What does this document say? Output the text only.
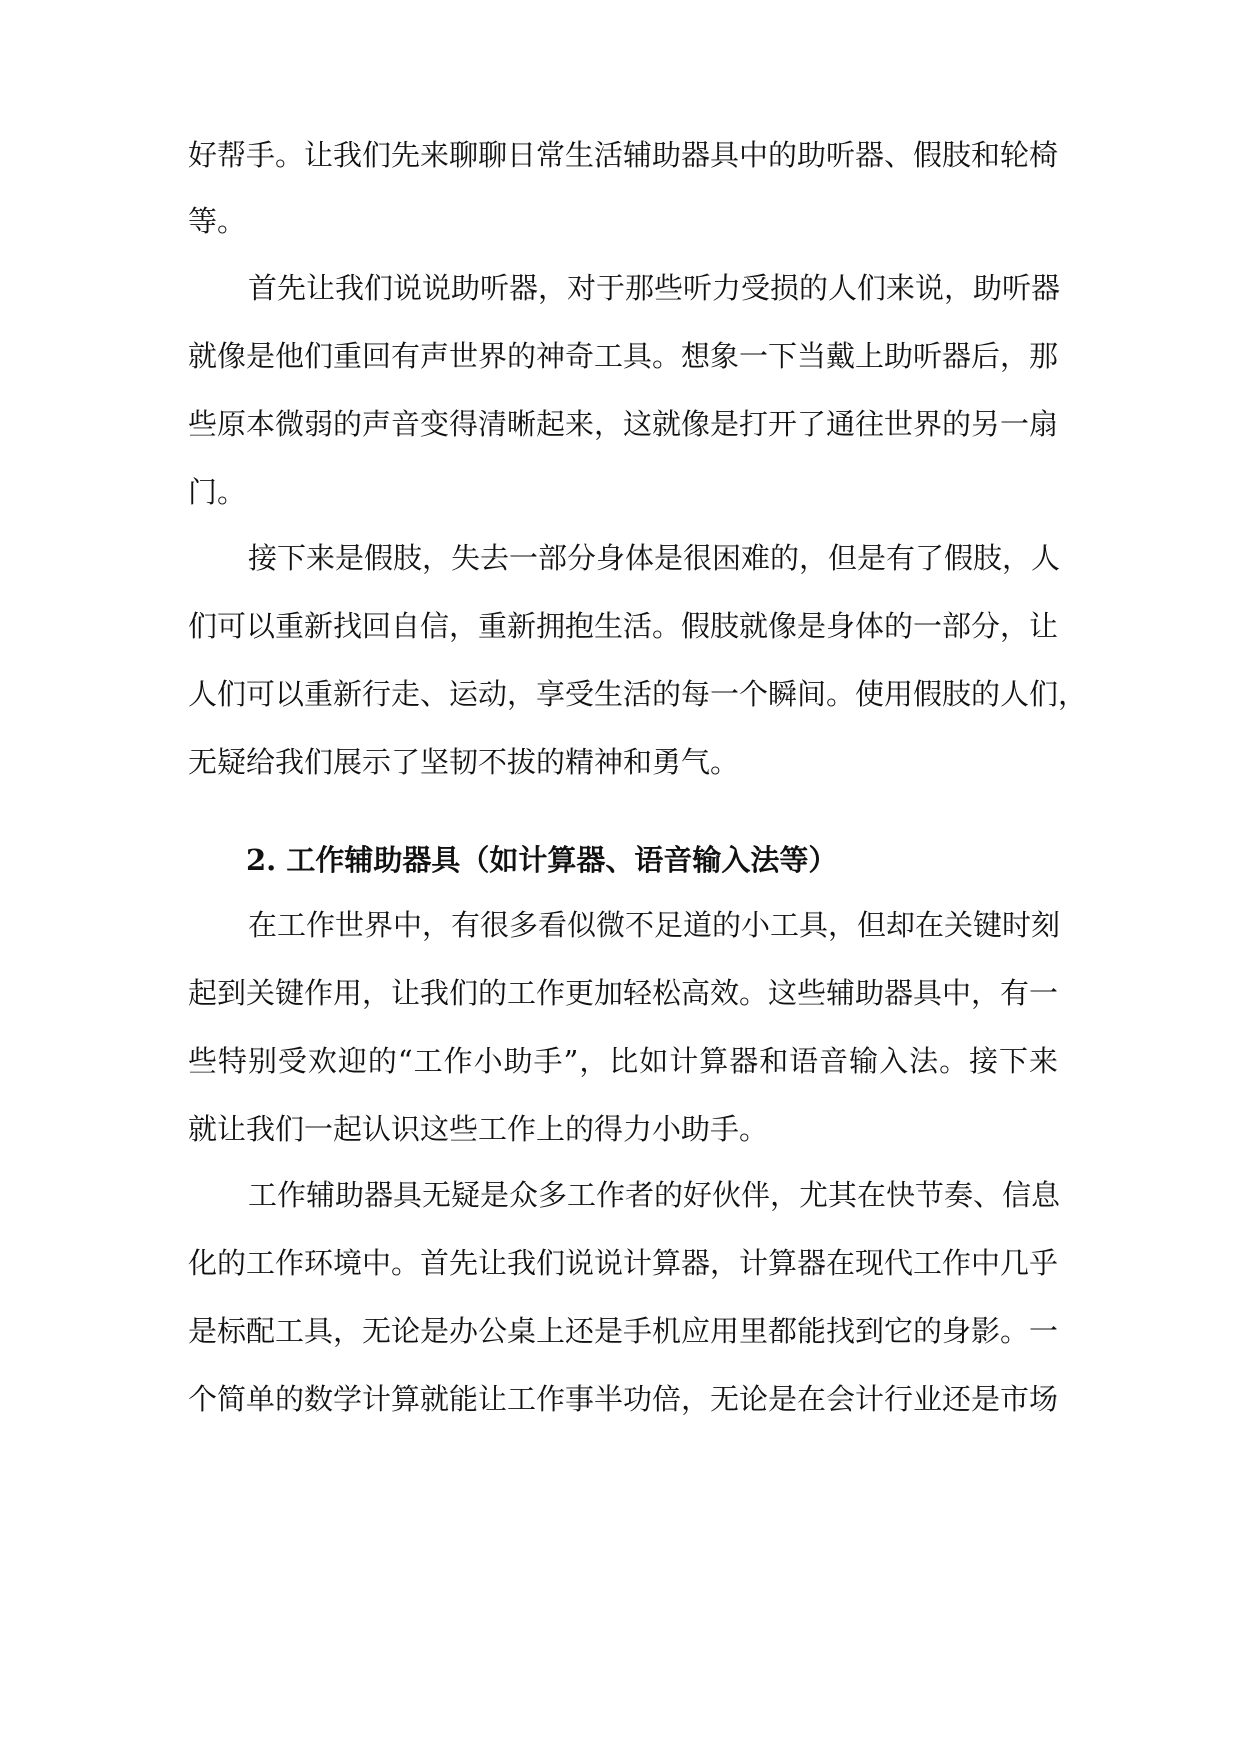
好帮手。让我们先来聊聊日常生活辅助器具中的助听器、假肢和轮椅
等。
首先让我们说说助听器，对于那些听力受损的人们来说，助听器
就像是他们重回有声世界的神奇工具。想象一下当戴上助听器后，那
些原本微弱的声音变得清晰起来，这就像是打开了通往世界的另一扇
门。
接下来是假肢，失去一部分身体是很困难的，但是有了假肢，人
们可以重新找回自信，重新拥抱生活。假肢就像是身体的一部分，让
人们可以重新行走、运动，享受生活的每一个瞬间。使用假肢的人们，
无疑给我们展示了坚韧不拔的精神和勇气。
2. 工作辅助器具（如计算器、语音输入法等）
在工作世界中，有很多看似微不足道的小工具，但却在关键时刻
起到关键作用，让我们的工作更加轻松高效。这些辅助器具中，有一
些特别受欢迎的“工作小助手”，比如计算器和语音输入法。接下来
就让我们一起认识这些工作上的得力小助手。
工作辅助器具无疑是众多工作者的好伙伴，尤其在快节奏、信息
化的工作环境中。首先让我们说说计算器，计算器在现代工作中几乎
是标配工具，无论是办公桌上还是手机应用里都能找到它的身影。一
个简单的数学计算就能让工作事半功倍，无论是在会计行业还是市场
